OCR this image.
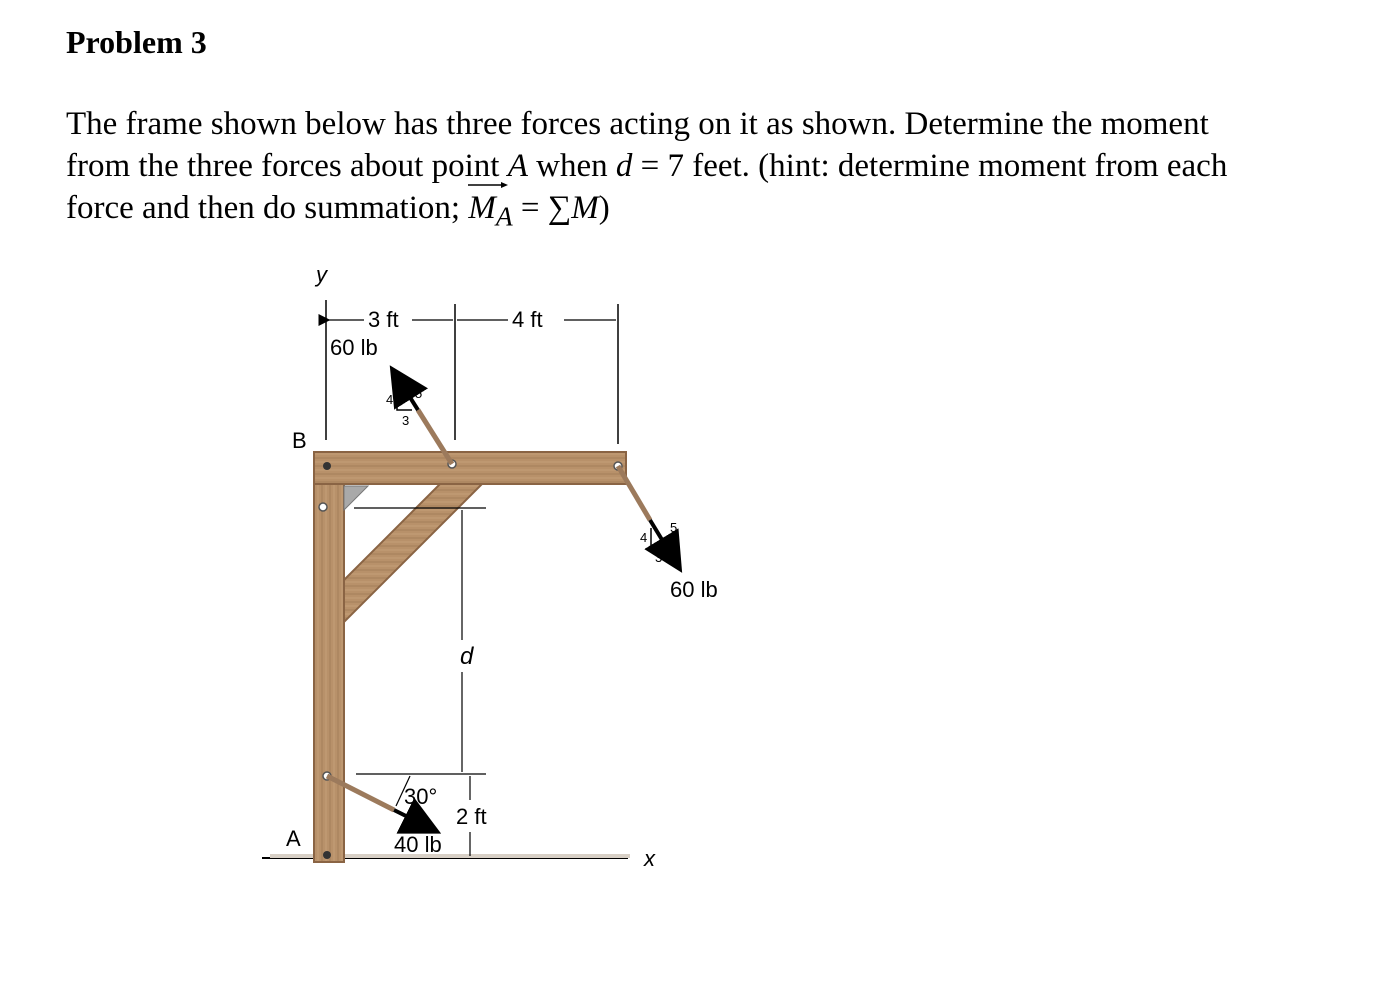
Problem 3
The frame shown below has three forces acting on it as shown. Determine the moment
from the three forces about point A when d = 7 feet. (hint: determine moment from each
force and then do summation;
$M_A = \sum M$)
y
B
A
x
3 ft	4 ft
d
2 ft
30°
60 lb
60 lb
40 lb
4 5
3
4
5
3
